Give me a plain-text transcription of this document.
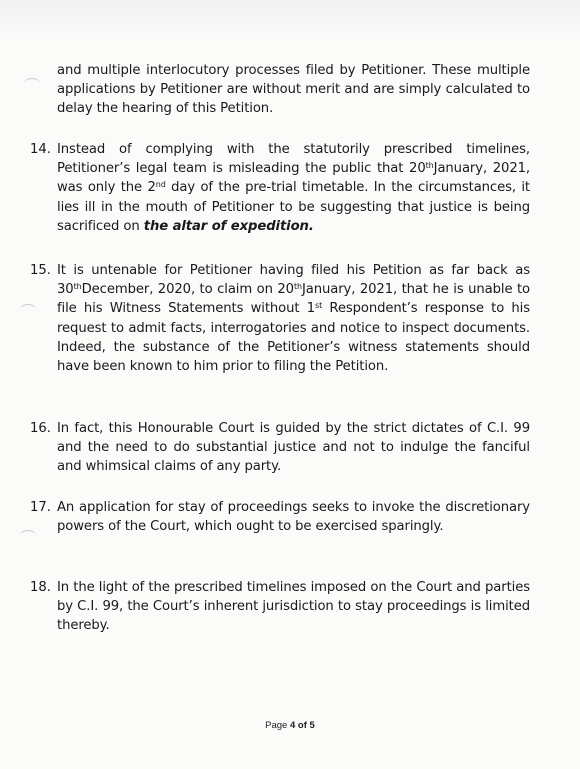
and multiple interlocutory processes filed by Petitioner. These multiple applications by Petitioner are without merit and are simply calculated to delay the hearing of this Petition.

14. Instead of complying with the statutorily prescribed timelines, Petitioner’s legal team is misleading the public that 20thJanuary, 2021, was only the 2nd day of the pre-trial timetable. In the circumstances, it lies ill in the mouth of Petitioner to be suggesting that justice is being sacrificed on the altar of expedition.
15. It is untenable for Petitioner having filed his Petition as far back as 30thDecember, 2020, to claim on 20thJanuary, 2021, that he is unable to file his Witness Statements without 1st Respondent’s response to his request to admit facts, interrogatories and notice to inspect documents. Indeed, the substance of the Petitioner’s witness statements should have been known to him prior to filing the Petition.
16. In fact, this Honourable Court is guided by the strict dictates of C.I. 99 and the need to do substantial justice and not to indulge the fanciful and whimsical claims of any party.
17. An application for stay of proceedings seeks to invoke the discretionary powers of the Court, which ought to be exercised sparingly.
18. In the light of the prescribed timelines imposed on the Court and parties by C.I. 99, the Court’s inherent jurisdiction to stay proceedings is limited thereby.
Page 4 of 5
